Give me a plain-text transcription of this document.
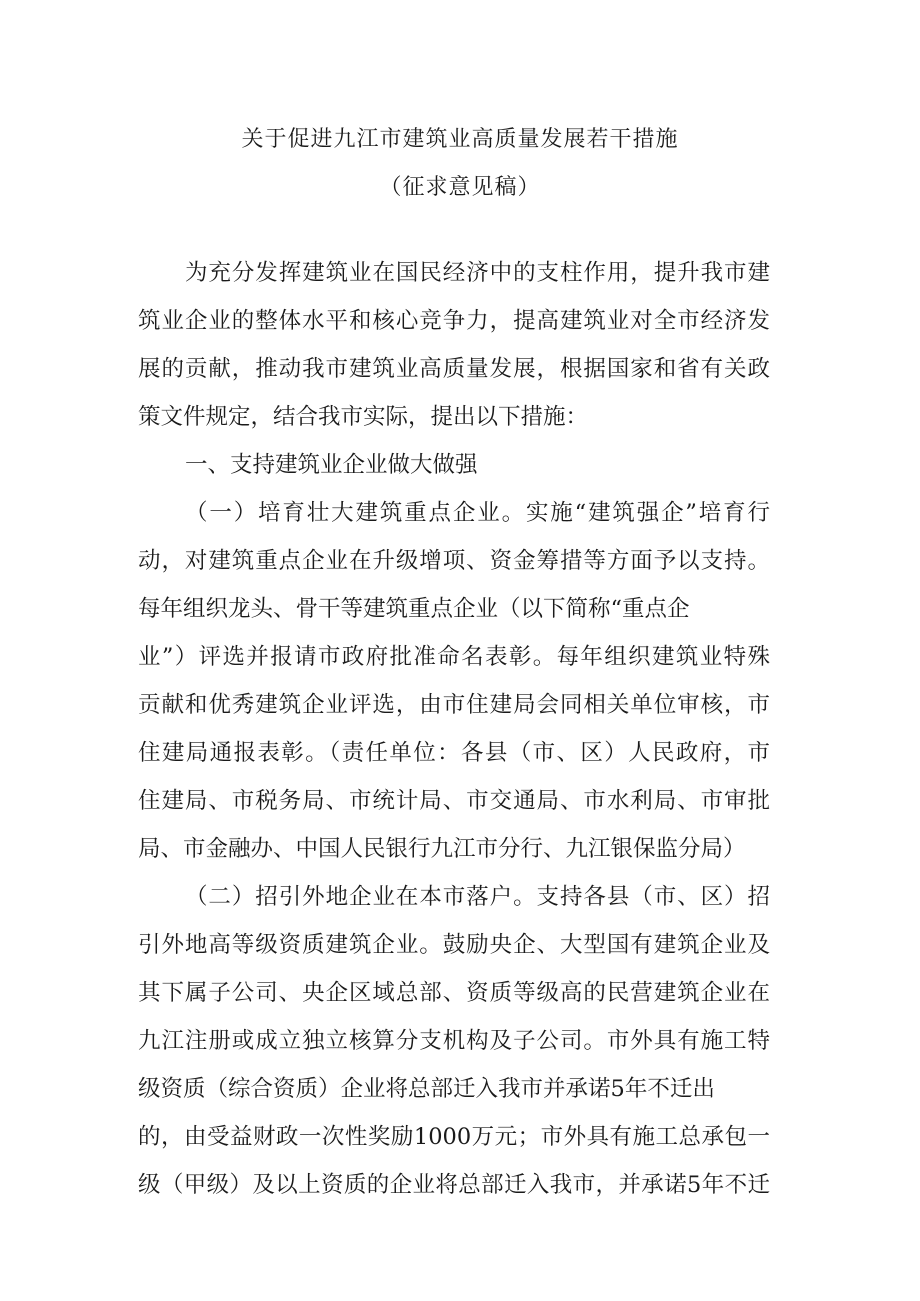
关于促进九江市建筑业高质量发展若干措施
（征求意见稿）
为充分发挥建筑业在国民经济中的支柱作用，提升我市建
筑业企业的整体水平和核心竞争力，提高建筑业对全市经济发
展的贡献，推动我市建筑业高质量发展，根据国家和省有关政
策文件规定，结合我市实际，提出以下措施：
一、支持建筑业企业做大做强
（一）培育壮大建筑重点企业。实施“建筑强企”培育行
动，对建筑重点企业在升级增项、资金筹措等方面予以支持。
每年组织龙头、骨干等建筑重点企业（以下简称“重点企
业”）评选并报请市政府批准命名表彰。每年组织建筑业特殊
贡献和优秀建筑企业评选，由市住建局会同相关单位审核，市
住建局通报表彰。（责任单位：各县（市、区）人民政府，市
住建局、市税务局、市统计局、市交通局、市水利局、市审批
局、市金融办、中国人民银行九江市分行、九江银保监分局）
（二）招引外地企业在本市落户。支持各县（市、区）招
引外地高等级资质建筑企业。鼓励央企、大型国有建筑企业及
其下属子公司、央企区域总部、资质等级高的民营建筑企业在
九江注册或成立独立核算分支机构及子公司。市外具有施工特
级资质（综合资质）企业将总部迁入我市并承诺5年不迁出
的，由受益财政一次性奖励1000万元；市外具有施工总承包一
级（甲级）及以上资质的企业将总部迁入我市，并承诺5年不迁
